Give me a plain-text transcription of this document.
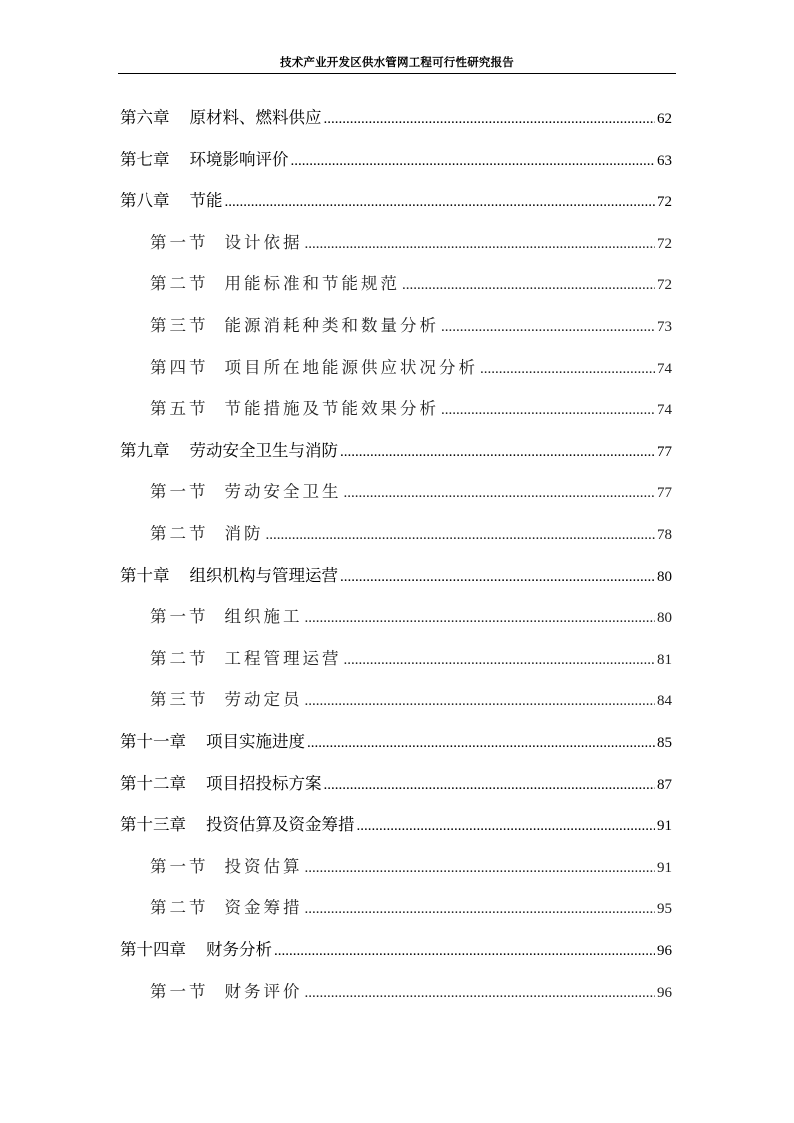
技术产业开发区供水管网工程可行性研究报告
第六章 原材料、燃料供应 .....	62
第七章 环境影响评价 .....	63
第八章 节能 .....	72
第一节 设计依据 .....	72
第二节 用能标准和节能规范 .....	72
第三节 能源消耗种类和数量分析 .....	73
第四节 项目所在地能源供应状况分析 .....	74
第五节 节能措施及节能效果分析 .....	74
第九章 劳动安全卫生与消防 .....	77
第一节 劳动安全卫生 .....	77
第二节 消防 .....	78
第十章 组织机构与管理运营 .....	80
第一节 组织施工 .....	80
第二节 工程管理运营 .....	81
第三节 劳动定员 .....	84
第十一章 项目实施进度 .....	85
第十二章 项目招投标方案 .....	87
第十三章 投资估算及资金筹措 .....	91
第一节 投资估算 .....	91
第二节 资金筹措 .....	95
第十四章 财务分析 .....	96
第一节 财务评价 .....	96
